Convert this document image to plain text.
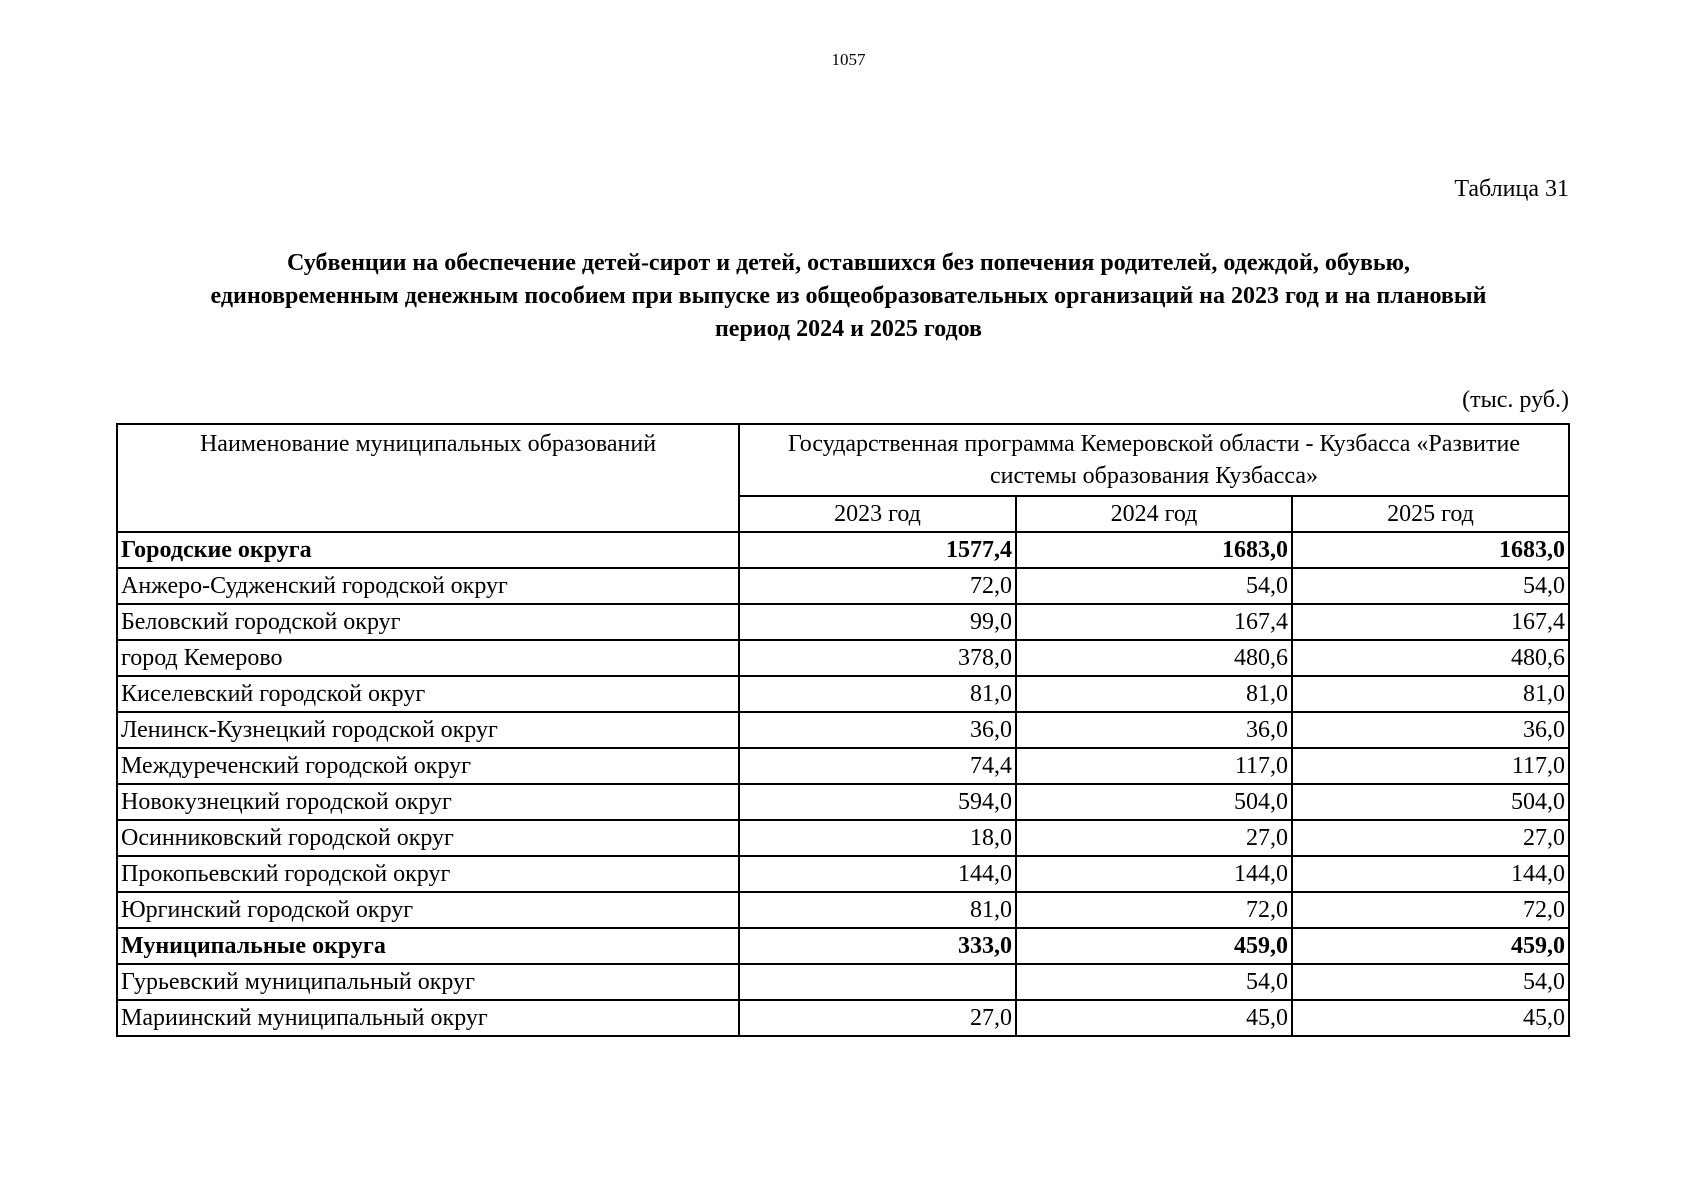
1057
Таблица 31
Субвенции на обеспечение детей-сирот и детей, оставшихся без попечения родителей, одеждой, обувью,
единовременным денежным пособием при выпуске из общеобразовательных организаций на 2023 год и на плановый
период 2024 и 2025 годов
(тыс. руб.)
Наименование муниципальных образований	Государственная программа Кемеровской области - Кузбасса «Развитие системы образования Кузбасса»		
	2023 год	2024 год	2025 год
Городские округа	1577,4	1683,0	1683,0
Анжеро-Судженский городской округ	72,0	54,0	54,0
Беловский городской округ	99,0	167,4	167,4
город Кемерово	378,0	480,6	480,6
Киселевский городской округ	81,0	81,0	81,0
Ленинск-Кузнецкий городской округ	36,0	36,0	36,0
Междуреченский городской округ	74,4	117,0	117,0
Новокузнецкий городской округ	594,0	504,0	504,0
Осинниковский городской округ	18,0	27,0	27,0
Прокопьевский городской округ	144,0	144,0	144,0
Юргинский городской округ	81,0	72,0	72,0
Муниципальные округа	333,0	459,0	459,0
Гурьевский муниципальный округ		54,0	54,0
Мариинский муниципальный округ	27,0	45,0	45,0
